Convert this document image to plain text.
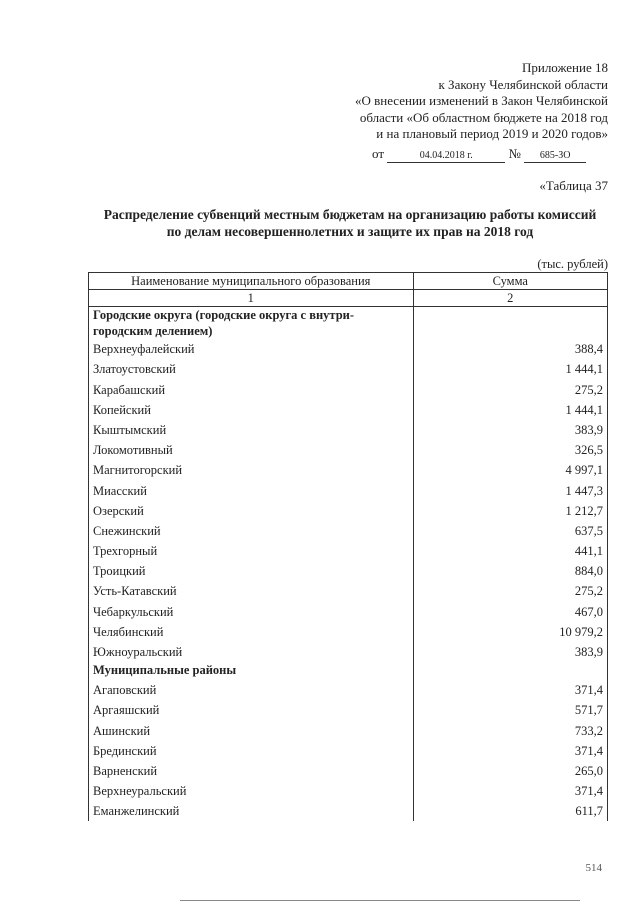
Приложение 18
к Закону Челябинской области
«О внесении изменений в Закон Челябинской
области «Об областном бюджете на 2018 год
и на плановый период 2019 и 2020 годов»
от	04.04.2018 г.	№ 685-ЗО
«Таблица 37
Распределение субвенций местным бюджетам на организацию работы комиссий
по делам несовершеннолетних и защите их прав на 2018 год
(тыс. рублей)
Наименование муниципального образования	Сумма
1	2

Городские округа (городские округа с внутри-
городским делением)	

Верхнеуфалейский	388,4
Златоустовский	1 444,1
Карабашский	275,2
Копейский	1 444,1
Кыштымский	383,9
Локомотивный	326,5
Магнитогорский	4 997,1
Миасский	1 447,3
Озерский	1 212,7
Снежинский	637,5
Трехгорный	441,1
Троицкий	884,0
Усть-Катавский	275,2
Чебаркульский	467,0
Челябинский	10 979,2
Южноуральский	383,9
Муниципальные районы	
Агаповский	371,4
Аргаяшский	571,7
Ашинский	733,2
Брединский	371,4
Варненский	265,0
Верхнеуральский	371,4
Еманжелинский	611,7
514
